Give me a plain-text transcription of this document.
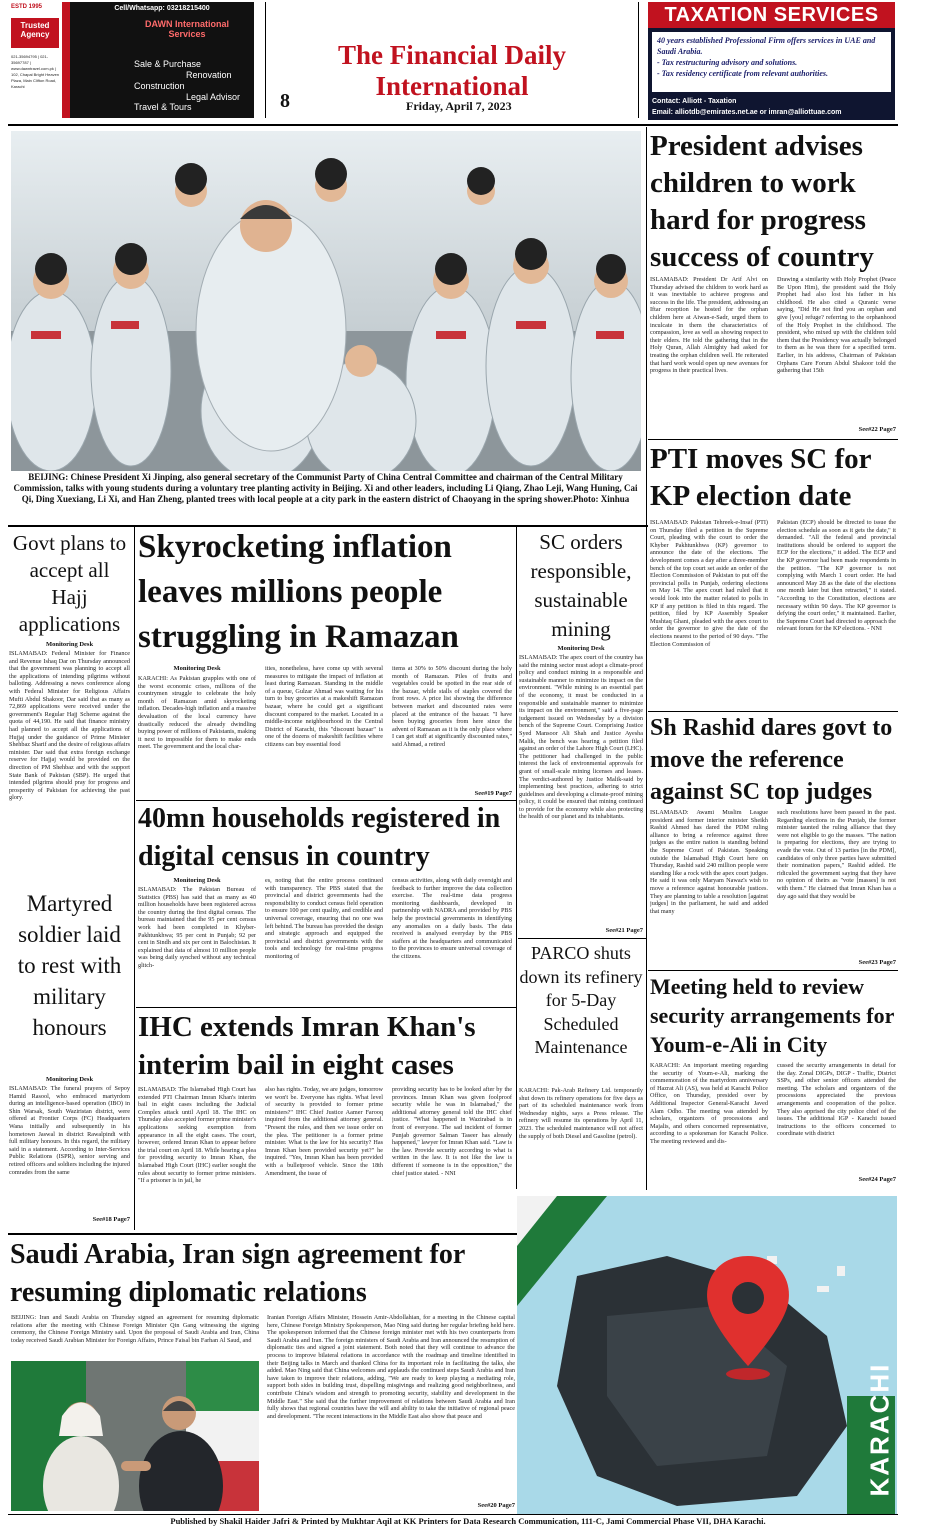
ESTD 1995
Trusted Agency
021-35694795 | 021-35697787 | www.dawntravel.com.pk | 102, Chapal Bright Heaven Plaza, Main Clifton Road, Karachi
Cell/Whatsapp: 03218215400
DAWN International Services
Sale & Purchase
Renovation
Construction
Legal Advisor
Travel & Tours
The Financial Daily International
8	Friday, April 7, 2023
TAXATION SERVICES
40 years established Professional Firm offers services in UAE and Saudi Arabia.
- Tax restructuring advisory and solutions.
- Tax residency certificate from relevant authorities.
Contact: Alliott - Taxation
Email: alliotdb@emirates.net.ae or imran@alliottuae.com
BEIJING: Chinese President Xi Jinping, also general secretary of the Communist Party of China Central Committee and chairman of the Central Military Commission, talks with young students during a voluntary tree planting activity in Beijing. Xi and other leaders, including Li Qiang, Zhao Leji, Wang Huning, Cai Qi, Ding Xuexiang, Li Xi, and Han Zheng, planted trees with local people at a city park in the eastern district of Chaoyang in the spring shower.Photo: Xinhua
President advises children to work hard for progress success of country
ISLAMABAD: President Dr Arif Alvi on Thursday advised the children to work hard as it was inevitable to achieve progress and success in the life. The president, addressing an Iftar reception he hosted for the orphan children here at Aiwan-e-Sadr, urged them to inculcate in them the characteristics of compassion, love as well as showing respect to their elders. He told the gathering that in the Holy Quran, Allah Almighty had asked for treating the orphan children well. He reiterated that hard work would open up new avenues for progress in their practical lives.
Drawing a similarity with Holy Prophet (Peace Be Upon Him), the president said the Holy Prophet had also lost his father in his childhood. He also cited a Quranic verse saying, "Did He not find you an orphan and give [you] refuge? referring to the orphanhood of the Holy Prophet in the childhood. The president, who mixed up with the children told them that the Presidency was actually belonged to them as he was there for a specified term. Earlier, in his address, Chairman of Pakistan Orphans Care Forum Abdul Shakoor told the gathering that 15th
See#22 Page7
PTI moves SC for KP election date
ISLAMABAD: Pakistan Tehreek-e-Insaf (PTI) on Thursday filed a petition in the Supreme Court, pleading with the court to order the Khyber Pakhtunkhwa (KP) governor to announce the date of the elections. The development comes a day after a three-member bench of the top court set aside an order of the Election Commission of Pakistan to put off the provincial polls in Punjab, ordering elections on May 14. The apex court had ruled that it would look into the matter related to polls in KP if any petition is filed in this regard. The petition, filed by KP Assembly Speaker Mushtaq Ghani, pleaded with the apex court to order the governor to give the date of the elections nearest to the period of 90 days. "The Election Commission of
Pakistan (ECP) should be directed to issue the election schedule as soon as it gets the date," it demanded. "All the federal and provincial institutions should be ordered to support the ECP for the elections," it added. The ECP and the KP governor had been made respondents in the petition. "The KP governor is not complying with March 1 court order. He had announced May 28 as the date of the elections one month later but then retracted," it stated. "According to the Constitution, elections are necessary within 90 days. The KP governor is defying the court order," it maintained. Earlier, the Supreme Court had directed to approach the relevant forum for the KP elections. - NNI
Sh Rashid dares govt to move the reference against SC top judges
ISLAMABAD: Awami Muslim League president and former interior minister Sheikh Rashid Ahmed has dared the PDM ruling alliance to bring a reference against three judges as the entire nation is standing behind the Supreme Court of Pakistan. Speaking outside the Islamabad High Court here on Thursday, Rashid said 240 million people were standing like a rock with the apex court judges. He said it was only Maryam Nawaz's wish to move a reference against honourable justices. They are planning to table a resolution [against judges] in the parliament, he said and added that many
such resolutions have been passed in the past. Regarding elections in the Punjab, the former minister taunted the ruling alliance that they were not eligible to go the masses. "The nation is preparing for elections, they are trying to evade the vote. Out of 13 parties [in the PDM], candidates of only three parties have submitted their nomination papers," Rashid added. He ridiculed the government saying that they have no opinion of theirs as "vote [masses] is not with them." He claimed that Imran Khan has a day ago said that they would be
See#23 Page7
Meeting held to review security arrangements for Youm-e-Ali in City
KARACHI: An important meeting regarding the security of Youm-e-Ali, marking the commemoration of the martyrdom anniversary of Hazrat Ali (AS), was held at Karachi Police Office, on Thursday, presided over by Additional Inspector General-Karachi Javed Alam Odho. The meeting was attended by scholars, organizers of processions and Majalis, and others concerned representative, according to a spokesman for Karachi Police. The meeting reviewed and dis-
cussed the security arrangements in detail for the day. Zonal DIGPs, DIGP - Traffic, District SSPs, and other senior officers attended the meeting. The scholars and organizers of the processions appreciated the previous arrangements and cooperation of the police. They also apprised the city police chief of the issues. The additional IGP - Karachi issued instructions to the officers concerned to coordinate with district
See#24 Page7
Govt plans to accept all Hajj applications
Monitoring Desk
ISLAMABAD: Federal Minister for Finance and Revenue Ishaq Dar on Thursday announced that the government was planning to accept all the applications of intending pilgrims without balloting. Addressing a news conference along with Federal Minister for Religious Affairs Mufti Abdul Shakoor, Dar said that as many as 72,869 applications were received under the government's Regular Hajj Scheme against the quota of 44,190. He said that finance ministry had planned to accept all the applications of Hujjaj under the guidance of Prime Minister Shehbaz Sharif and the desire of religious affairs minister. Dar said that extra foreign exchange reserve for Hajjaj would be provided on the direction of PM Shehbaz and with the support State Bank of Pakistan (SBP). He urged that intended pilgrims should pray for progress and prosperity of Pakistan for achieving the past glory.
Martyred soldier laid to rest with military honours
Monitoring Desk
ISLAMABAD: The funeral prayers of Sepoy Hamid Rasool, who embraced martyrdom during an intelligence-based operation (IBO) in Shin Warsak, South Waziristan district, were offered at Frontier Corps (FC) Headquarters Wana initially and subsequently in his hometown Jaswal in district Rawalpindi with full military honours. In this regard, the military said in a statement. According to Inter-Services Public Relations (ISPR), senior serving and retired officers and soldiers including the injured comrades from the same
See#18 Page7
Skyrocketing inflation leaves millions people struggling in Ramazan
Monitoring Desk
KARACHI: As Pakistan grapples with one of the worst economic crises, millions of the countrymen struggle to celebrate the holy month of Ramazan amid skyrocketing inflation. Decades-high inflation and a massive devaluation of the local currency have drastically reduced the already dwindling buying power of millions of Pakistanis, making it next to impossible for them to make ends meet. The government and the local char-
ities, nonetheless, have come up with several measures to mitigate the impact of inflation at least during Ramazan. Standing in the middle of a queue, Gulzar Ahmad was waiting for his turn to buy groceries at a makeshift Ramazan bazaar, where he could get a significant discount compared to the market. Located in a middle-income neighbourhood in the Central District of Karachi, this "discount bazaar" is one of the dozens of makeshift facilities where citizens can buy essential food
items at 30% to 50% discount during the holy month of Ramazan. Piles of fruits and vegetables could be spotted in the rear side of the bazaar, while stalls of staples covered the front rows. A price list showing the difference between market and discounted rates were placed at the entrance of the bazaar. "I have been buying groceries from here since the advent of Ramazan as it is the only place where I can get stuff at significantly discounted rates," said Ahmad, a retired
See#19 Page7
40mn households registered in digital census in country
Monitoring Desk
ISLAMABAD: The Pakistan Bureau of Statistics (PBS) has said that as many as 40 million households have been registered across the country during the first digital census. The bureau maintained that the 95 per cent census work had been completed in Khyber-Pakhtunkhwa; 95 per cent in Punjab; 92 per cent in Sindh and six per cent in Balochistan. It explained that data of almost 10 million people was being daily synched without any technical glitch-
es, noting that the entire process continued with transparency. The PBS stated that the provincial and district governments had the responsibility to conduct census field operation to ensure 100 per cent quality, and credible and universal coverage, ensuring that no one was left behind. The bureau has provided the design and strategic approach and equipped the provincial and district governments with the tools and technology for real-time progress monitoring of
census activities, along with daily oversight and feedback to further improve the data collection exercise. The real-time data progress monitoring dashboards, developed in partnership with NADRA and provided by PBS help the provincial governments in identifying any anomalies on a daily basis. The data received is analysed everyday by the PBS staffers at the headquarters and communicated to the provinces to ensure universal coverage of the citizens.
IHC extends Imran Khan's interim bail in eight cases
ISLAMABAD: The Islamabad High Court has extended PTI Chairman Imran Khan's interim bail in eight cases including the Judicial Complex attack until April 18. The IHC on Thursday also accepted former prime minister's applications seeking exemption from appearance in all the eight cases. The court, however, ordered Imran Khan to appear before the trial court on April 18. While hearing a plea for providing security to Imran Khan, the Islamabad High Court (IHC) earlier sought the rules about security to former prime ministers. "If a prisoner is in jail, he
also has rights. Today, we are judges, tomorrow we won't be. Everyone has rights. What level of security is provided to former prime ministers?" IHC Chief Justice Aamer Farooq inquired from the additional attorney general. "Present the rules, and then we issue order on the plea. The petitioner is a former prime minister. What is the law for his security? Has Imran Khan been provided security yet?" he inquired. "Yes, Imran Khan has been provided with a bulletproof vehicle. Since the 18th Amendment, the issue of
providing security has to be looked after by the provinces. Imran Khan was given foolproof security while he was in Islamabad," the additional attorney general told the IHC chief justice. "What happened in Wazirabad is in front of everyone. The sad incident of former Punjab governor Salman Taseer has already happened," lawyer for Imran Khan said. "Law is the law. Provide security according to what is written in the law. It is not like the law is different if someone is in the opposition," the chief justice stated. - NNI
SC orders responsible, sustainable mining
Monitoring Desk
ISLAMABAD: The apex court of the country has said the mining sector must adopt a climate-proof policy and conduct mining in a responsible and sustainable manner to minimize its impact on the environment. "While mining is an essential part of the economy, it must be conducted in a responsible and sustainable manner to minimize its impact on the environment," said a five-page judgement issued on Wednesday by a division bench of the Supreme Court. Comprising Justice Syed Mansoor Ali Shah and Justice Ayesha Malik, the bench was hearing a petition filed against an order of the Lahore High Court (LHC). The petitioner had challenged in the public interest the lack of environmental approvals for grant of small-scale mining licenses and leases. The verdict-authored by Justice Malik-said by implementing best practices, adhering to strict guidelines and developing a climate-proof mining policy, it could be ensured that mining continued to provide for the economy while also protecting the health of our planet and its inhabitants.
See#21 Page7
PARCO shuts down its refinery for 5-Day Scheduled Maintenance
KARACHI: Pak-Arab Refinery Ltd. temporarily shut down its refinery operations for five days as part of its scheduled maintenance work from Wednesday nights, says a Press release. The refinery will resume its operations by April 11, 2023. The scheduled maintenance will not affect the supply of both Diesel and Gasoline (petrol).
Saudi Arabia, Iran sign agreement for resuming diplomatic relations
BEIJING: Iran and Saudi Arabia on Thursday signed an agreement for resuming diplomatic relations after the meeting with Chinese Foreign Minister Qin Gang witnessing the signing ceremony, the Chinese Foreign Ministry said. Upon the proposal of Saudi Arabia and Iran, China today received Saudi Arabian Minister for Foreign Affairs, Prince Faisal bin Farhan Al Saud, and
Iranian Foreign Affairs Minister, Hossein Amir-Abdollahian, for a meeting in the Chinese capital here, Chinese Foreign Ministry Spokesperson, Mao Ning said during her regular briefing held here. The spokesperson informed that the Chinese foreign minister met with his two counterparts from Saudi Arabia and Iran. The foreign ministers of Saudi Arabia and Iran announced the resumption of diplomatic ties and signed a joint statement. Both noted that they will continue to advance the process to improve bilateral relations in accordance with the roadmap and timeline identified in their Beijing talks in March and thanked China for its important role in facilitating the talks, she added. Mao Ning said that China welcomes and applauds the continued steps Saudi Arabia and Iran have taken to improve their relations, adding, "We are ready to keep playing a mediating role, support both sides in building trust, dispelling misgivings and realizing good neighborliness, and contribute China's wisdom and strength to promoting security, stability and development in the Middle East." She said that the further improvement of relations between Saudi Arabia and Iran fully shows that regional countries have the will and ability to take the initiative of regional peace and development. "The recent interactions in the Middle East also show that peace and
See#20 Page7
KARACHI
Published by Shakil Haider Jafri & Printed by Mukhtar Aqil at KK Printers for Data Research Communication, 111-C, Jami Commercial Phase VII, DHA Karachi.
